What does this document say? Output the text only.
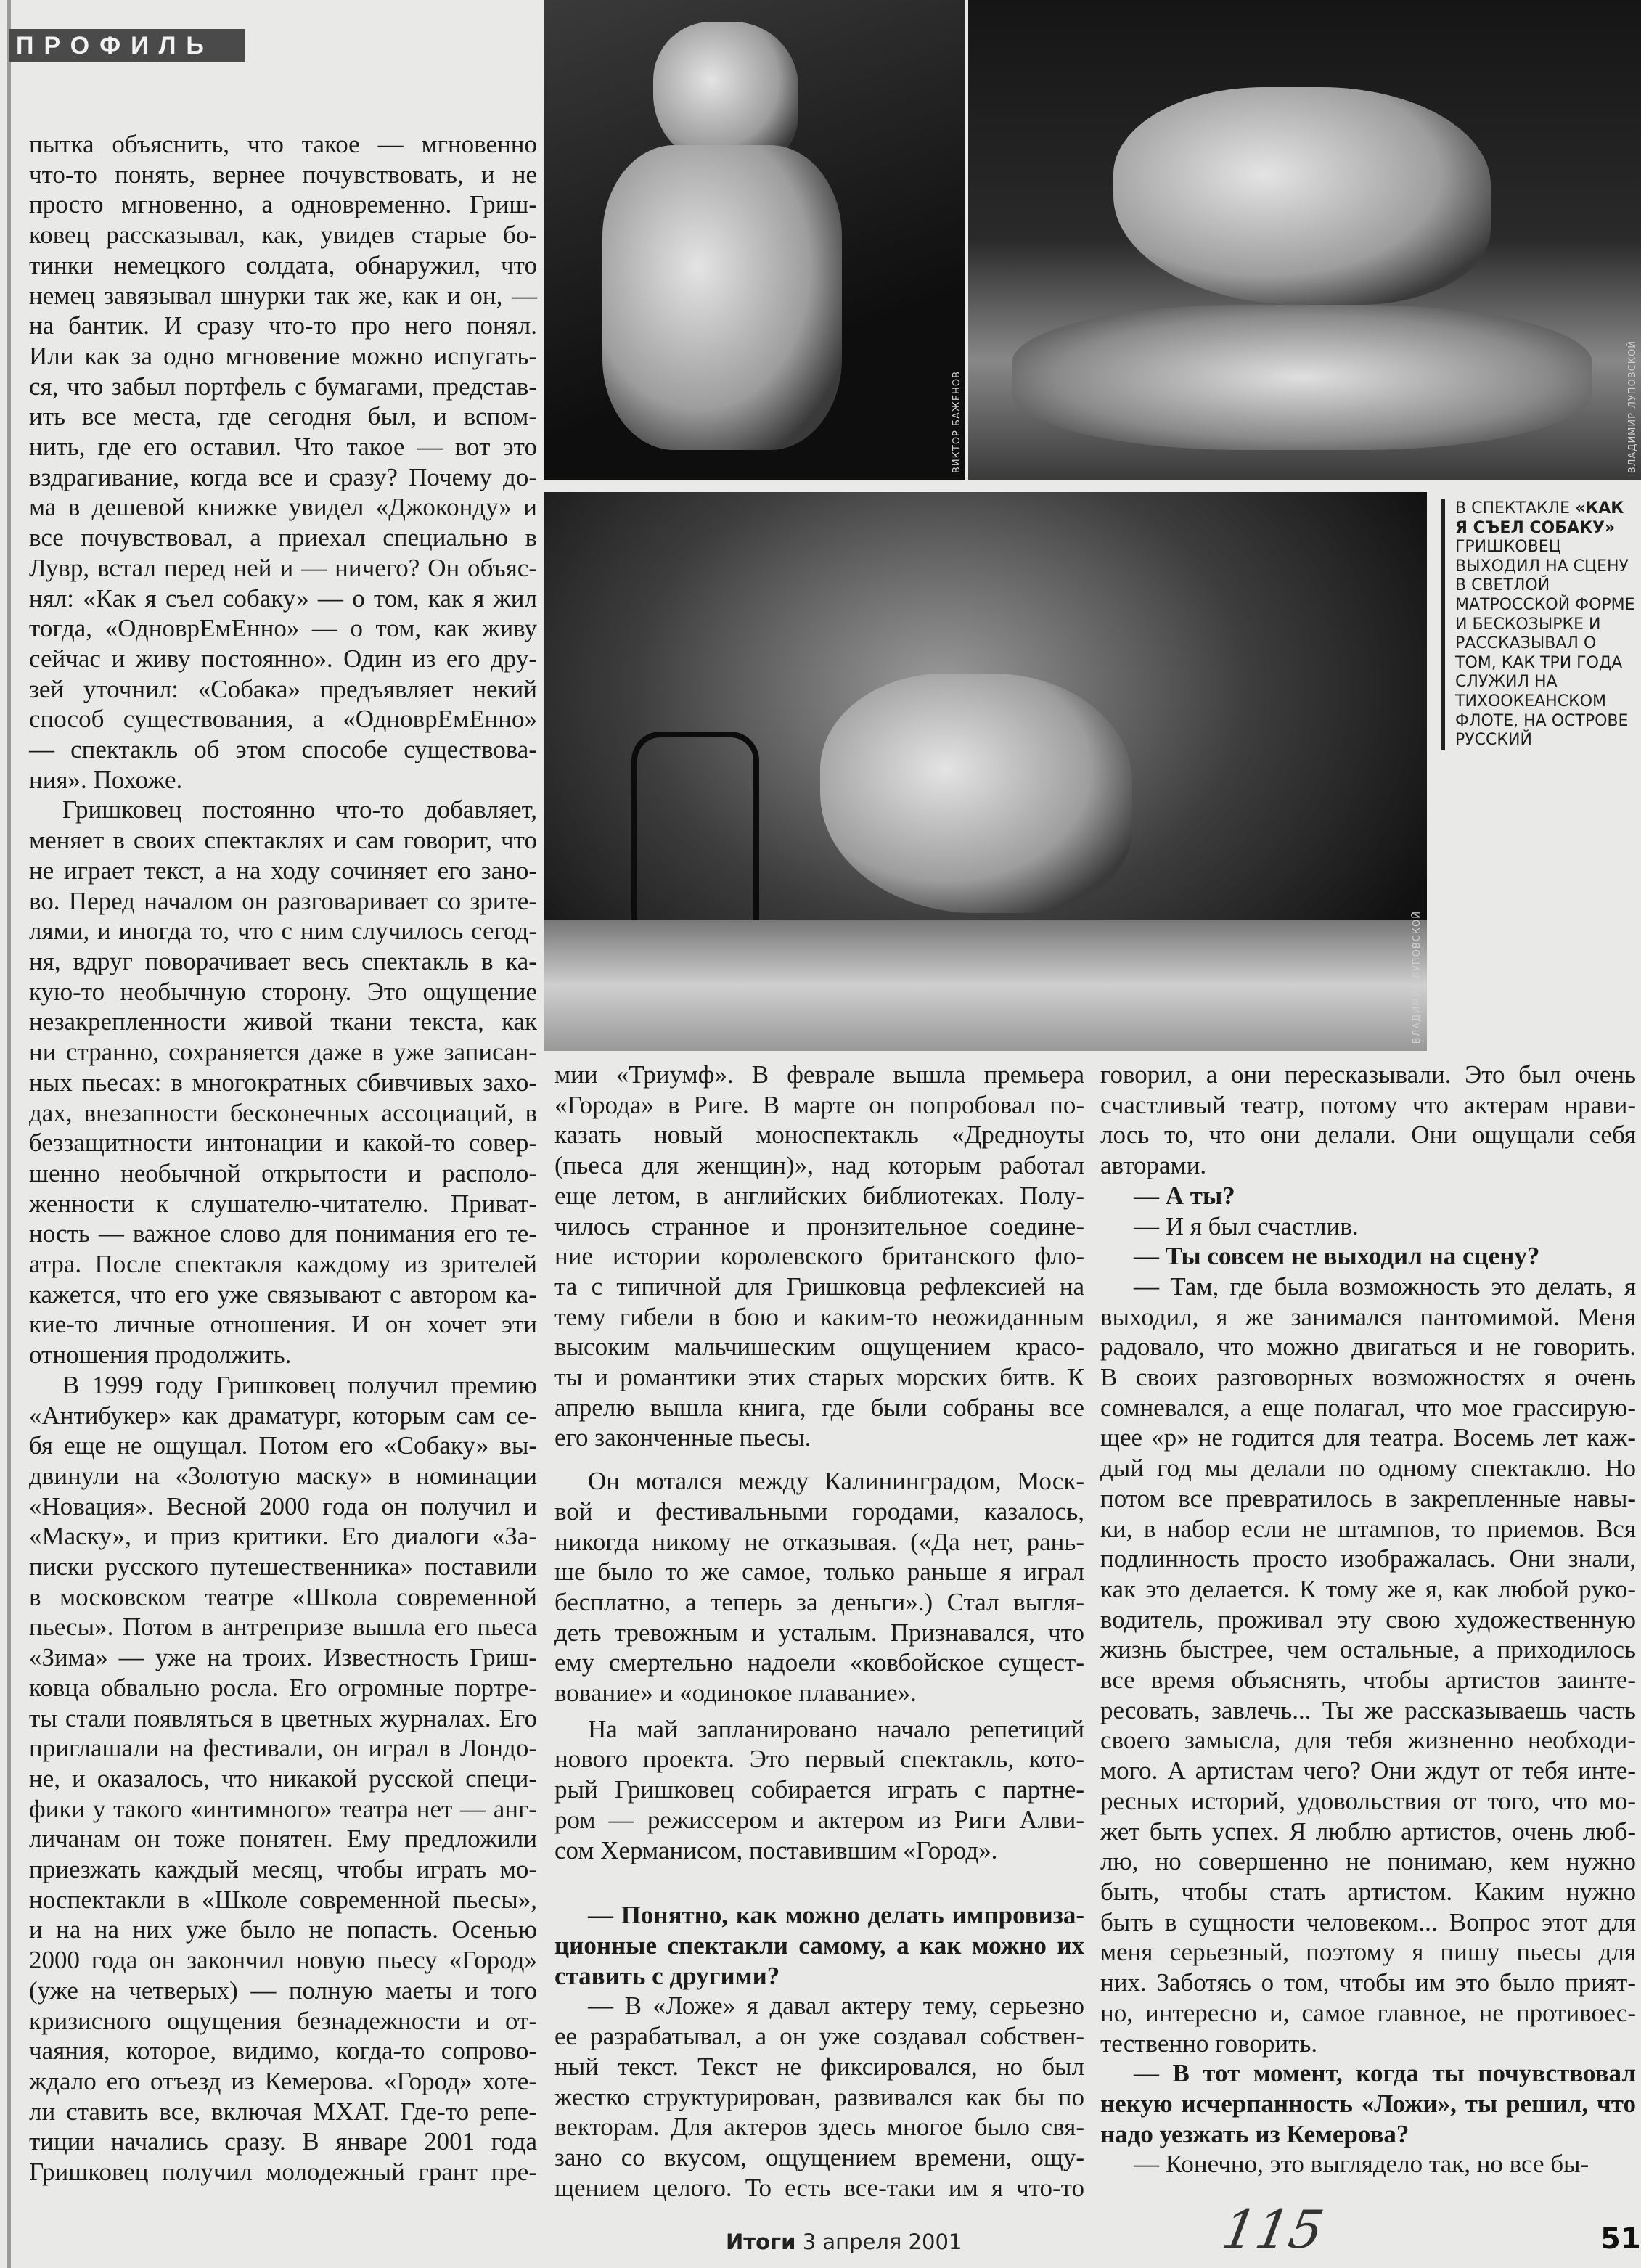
ПРОФИЛЬ
ВИКТОР БАЖЕНОВ	ВЛАДИМИР ЛУПОВСКОЙ
ВЛАДИМИР ЛУПОВСКОЙ
В СПЕКТАКЛЕ «КАК Я СЪЕЛ СОБАКУ» ГРИШКОВЕЦ ВЫХОДИЛ НА СЦЕНУ В СВЕТЛОЙ МАТРОССКОЙ ФОРМЕ И БЕСКОЗЫРКЕ И РАССКАЗЫВАЛ О ТОМ, КАК ТРИ ГОДА СЛУЖИЛ НА ТИХООКЕАНСКОМ ФЛОТЕ, НА ОСТРОВЕ РУССКИЙ
пытка объяснить, что такое — мгновенно
что-то понять, вернее почувствовать, и не
просто мгновенно, а одновременно. Гриш-
ковец рассказывал, как, увидев старые бо-
тинки немецкого солдата, обнаружил, что
немец завязывал шнурки так же, как и он, —
на бантик. И сразу что-то про него понял.
Или как за одно мгновение можно испугать-
ся, что забыл портфель с бумагами, представ-
ить все места, где сегодня был, и вспом-
нить, где его оставил. Что такое — вот это
вздрагивание, когда все и сразу? Почему до-
ма в дешевой книжке увидел «Джоконду» и
все почувствовал, а приехал специально в
Лувр, встал перед ней и — ничего? Он объяс-
нял: «Как я съел собаку» — о том, как я жил
тогда, «ОдноврЕмЕнно» — о том, как живу
сейчас и живу постоянно». Один из его дру-
зей уточнил: «Собака» предъявляет некий
способ существования, а «ОдноврЕмЕнно»
— спектакль об этом способе существова-
ния». Похоже.
Гришковец постоянно что-то добавляет,
меняет в своих спектаклях и сам говорит, что
не играет текст, а на ходу сочиняет его зано-
во. Перед началом он разговаривает со зрите-
лями, и иногда то, что с ним случилось сегод-
ня, вдруг поворачивает весь спектакль в ка-
кую-то необычную сторону. Это ощущение
незакрепленности живой ткани текста, как
ни странно, сохраняется даже в уже записан-
ных пьесах: в многократных сбивчивых захо-
дах, внезапности бесконечных ассоциаций, в
беззащитности интонации и какой-то совер-
шенно необычной открытости и располо-
женности к слушателю-читателю. Приват-
ность — важное слово для понимания его те-
атра. После спектакля каждому из зрителей
кажется, что его уже связывают с автором ка-
кие-то личные отношения. И он хочет эти
отношения продолжить.
В 1999 году Гришковец получил премию
«Антибукер» как драматург, которым сам се-
бя еще не ощущал. Потом его «Собаку» вы-
двинули на «Золотую маску» в номинации
«Новация». Весной 2000 года он получил и
«Маску», и приз критики. Его диалоги «За-
писки русского путешественника» поставили
в московском театре «Школа современной
пьесы». Потом в антрепризе вышла его пьеса
«Зима» — уже на троих. Известность Гриш-
ковца обвально росла. Его огромные портре-
ты стали появляться в цветных журналах. Его
приглашали на фестивали, он играл в Лондо-
не, и оказалось, что никакой русской специ-
фики у такого «интимного» театра нет — анг-
личанам он тоже понятен. Ему предложили
приезжать каждый месяц, чтобы играть мо-
носпектакли в «Школе современной пьесы»,
и на на них уже было не попасть. Осенью
2000 года он закончил новую пьесу «Город»
(уже на четверых) — полную маеты и того
кризисного ощущения безнадежности и от-
чаяния, которое, видимо, когда-то сопрово-
ждало его отъезд из Кемерова. «Город» хоте-
ли ставить все, включая МХАТ. Где-то репе-
тиции начались сразу. В январе 2001 года
Гришковец получил молодежный грант пре-
мии «Триумф». В феврале вышла премьера
«Города» в Риге. В марте он попробовал по-
казать новый моноспектакль «Дредноуты
(пьеса для женщин)», над которым работал
еще летом, в английских библиотеках. Полу-
чилось странное и пронзительное соедине-
ние истории королевского британского фло-
та с типичной для Гришковца рефлексией на
тему гибели в бою и каким-то неожиданным
высоким мальчишеским ощущением красо-
ты и романтики этих старых морских битв. К
апрелю вышла книга, где были собраны все
его законченные пьесы.
Он мотался между Калининградом, Моск-
вой и фестивальными городами, казалось,
никогда никому не отказывая. («Да нет, рань-
ше было то же самое, только раньше я играл
бесплатно, а теперь за деньги».) Стал выгля-
деть тревожным и усталым. Признавался, что
ему смертельно надоели «ковбойское сущест-
вование» и «одинокое плавание».
На май запланировано начало репетиций
нового проекта. Это первый спектакль, кото-
рый Гришковец собирается играть с партне-
ром — режиссером и актером из Риги Алви-
сом Херманисом, поставившим «Город».
— Понятно, как можно делать импровиза-
ционные спектакли самому, а как можно их
ставить с другими?
— В «Ложе» я давал актеру тему, серьезно
ее разрабатывал, а он уже создавал собствен-
ный текст. Текст не фиксировался, но был
жестко структурирован, развивался как бы по
векторам. Для актеров здесь многое было свя-
зано со вкусом, ощущением времени, ощу-
щением целого. То есть все-таки им я что-то
говорил, а они пересказывали. Это был очень
счастливый театр, потому что актерам нрави-
лось то, что они делали. Они ощущали себя
авторами.
— А ты?
— И я был счастлив.
— Ты совсем не выходил на сцену?
— Там, где была возможность это делать, я
выходил, я же занимался пантомимой. Меня
радовало, что можно двигаться и не говорить.
В своих разговорных возможностях я очень
сомневался, а еще полагал, что мое грассирую-
щее «р» не годится для театра. Восемь лет каж-
дый год мы делали по одному спектаклю. Но
потом все превратилось в закрепленные навы-
ки, в набор если не штампов, то приемов. Вся
подлинность просто изображалась. Они знали,
как это делается. К тому же я, как любой руко-
водитель, проживал эту свою художественную
жизнь быстрее, чем остальные, а приходилось
все время объяснять, чтобы артистов заинте-
ресовать, завлечь... Ты же рассказываешь часть
своего замысла, для тебя жизненно необходи-
мого. А артистам чего? Они ждут от тебя инте-
ресных историй, удовольствия от того, что мо-
жет быть успех. Я люблю артистов, очень люб-
лю, но совершенно не понимаю, кем нужно
быть, чтобы стать артистом. Каким нужно
быть в сущности человеком... Вопрос этот для
меня серьезный, поэтому я пишу пьесы для
них. Заботясь о том, чтобы им это было прият-
но, интересно и, самое главное, не противоес-
тественно говорить.
— В тот момент, когда ты почувствовал
некую исчерпанность «Ложи», ты решил, что
надо уезжать из Кемерова?
— Конечно, это выглядело так, но все бы-
Итоги 3 апреля 2001	115	51
